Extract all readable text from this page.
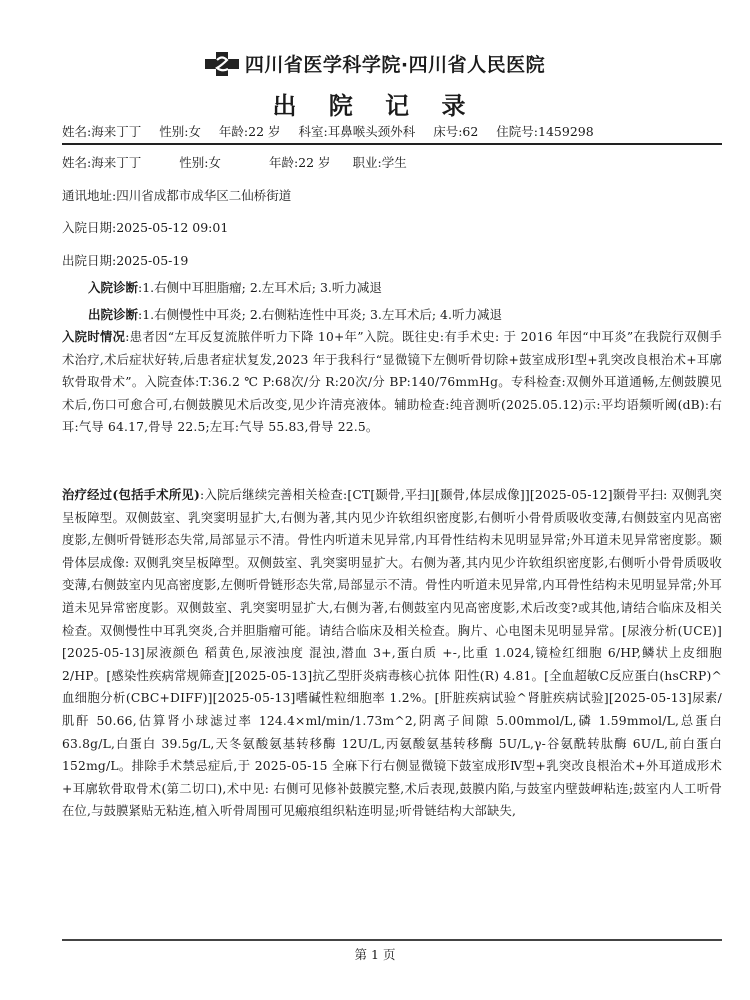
四川省医学科学院·四川省人民医院
出 院 记 录
姓名:海来丁丁 性别:女 年龄:22 岁 科室:耳鼻喉头颈外科 床号:62 住院号:1459298
姓名:海来丁丁	性别:女	年龄:22 岁 职业:学生
通讯地址:四川省成都市成华区二仙桥街道
入院日期:2025-05-12 09:01
出院日期:2025-05-19
入院诊断:1.右侧中耳胆脂瘤; 2.左耳术后; 3.听力减退
出院诊断:1.右侧慢性中耳炎; 2.右侧粘连性中耳炎; 3.左耳术后; 4.听力减退
入院时情况:患者因“左耳反复流脓伴听力下降 10+年”入院。既往史:有手术史: 于 2016 年因“中耳炎”在我院行双侧手术治疗,术后症状好转,后患者症状复发,2023 年于我科行“显微镜下左侧听骨切除+鼓室成形Ⅰ型+乳突改良根治术+耳廓软骨取骨术”。入院查体:T:36.2 ℃ P:68次/分 R:20次/分 BP:140/76mmHg。专科检查:双侧外耳道通畅,左侧鼓膜见术后,伤口可愈合可,右侧鼓膜见术后改变,见少许清亮液体。辅助检查:纯音测听(2025.05.12)示:平均语频听阈(dB):右耳:气导 64.17,骨导 22.5;左耳:气导 55.83,骨导 22.5。
治疗经过(包括手术所见):入院后继续完善相关检查:[CT[颞骨,平扫][颞骨,体层成像]][2025-05-12]颞骨平扫: 双侧乳突呈板障型。双侧鼓室、乳突窦明显扩大,右侧为著,其内见少许软组织密度影,右侧听小骨骨质吸收变薄,右侧鼓室内见高密度影,左侧听骨链形态失常,局部显示不清。骨性内听道未见异常,内耳骨性结构未见明显异常;外耳道未见异常密度影。颞骨体层成像: 双侧乳突呈板障型。双侧鼓室、乳突窦明显扩大。右侧为著,其内见少许软组织密度影,右侧听小骨骨质吸收变薄,右侧鼓室内见高密度影,左侧听骨链形态失常,局部显示不清。骨性内听道未见异常,内耳骨性结构未见明显异常;外耳道未见异常密度影。双侧鼓室、乳突窦明显扩大,右侧为著,右侧鼓室内见高密度影,术后改变?或其他,请结合临床及相关检查。双侧慢性中耳乳突炎,合并胆脂瘤可能。请结合临床及相关检查。胸片、心电图未见明显异常。[尿液分析(UCE)][2025-05-13]尿液颜色 稻黄色,尿液浊度 混浊,潜血 3+,蛋白质 +-,比重 1.024,镜检红细胞 6/HP,鳞状上皮细胞 2/HP。[感染性疾病常规筛查][2025-05-13]抗乙型肝炎病毒核心抗体 阳性(R) 4.81。[全血超敏C反应蛋白(hsCRP)^血细胞分析(CBC+DIFF)][2025-05-13]嗜碱性粒细胞率 1.2%。[肝脏疾病试验^肾脏疾病试验][2025-05-13]尿素/肌酐 50.66,估算肾小球滤过率 124.4×ml/min/1.73m^2,阴离子间隙 5.00mmol/L,磷 1.59mmol/L,总蛋白 63.8g/L,白蛋白 39.5g/L,天冬氨酸氨基转移酶 12U/L,丙氨酸氨基转移酶 5U/L,γ-谷氨酰转肽酶 6U/L,前白蛋白 152mg/L。排除手术禁忌症后,于 2025-05-15 全麻下行右侧显微镜下鼓室成形Ⅳ型+乳突改良根治术+外耳道成形术+耳廓软骨取骨术(第二切口),术中见: 右侧可见修补鼓膜完整,术后表现,鼓膜内陷,与鼓室内壁鼓岬粘连;鼓室内人工听骨在位,与鼓膜紧贴无粘连,植入听骨周围可见瘢痕组织粘连明显;听骨链结构大部缺失,
第 1 页
